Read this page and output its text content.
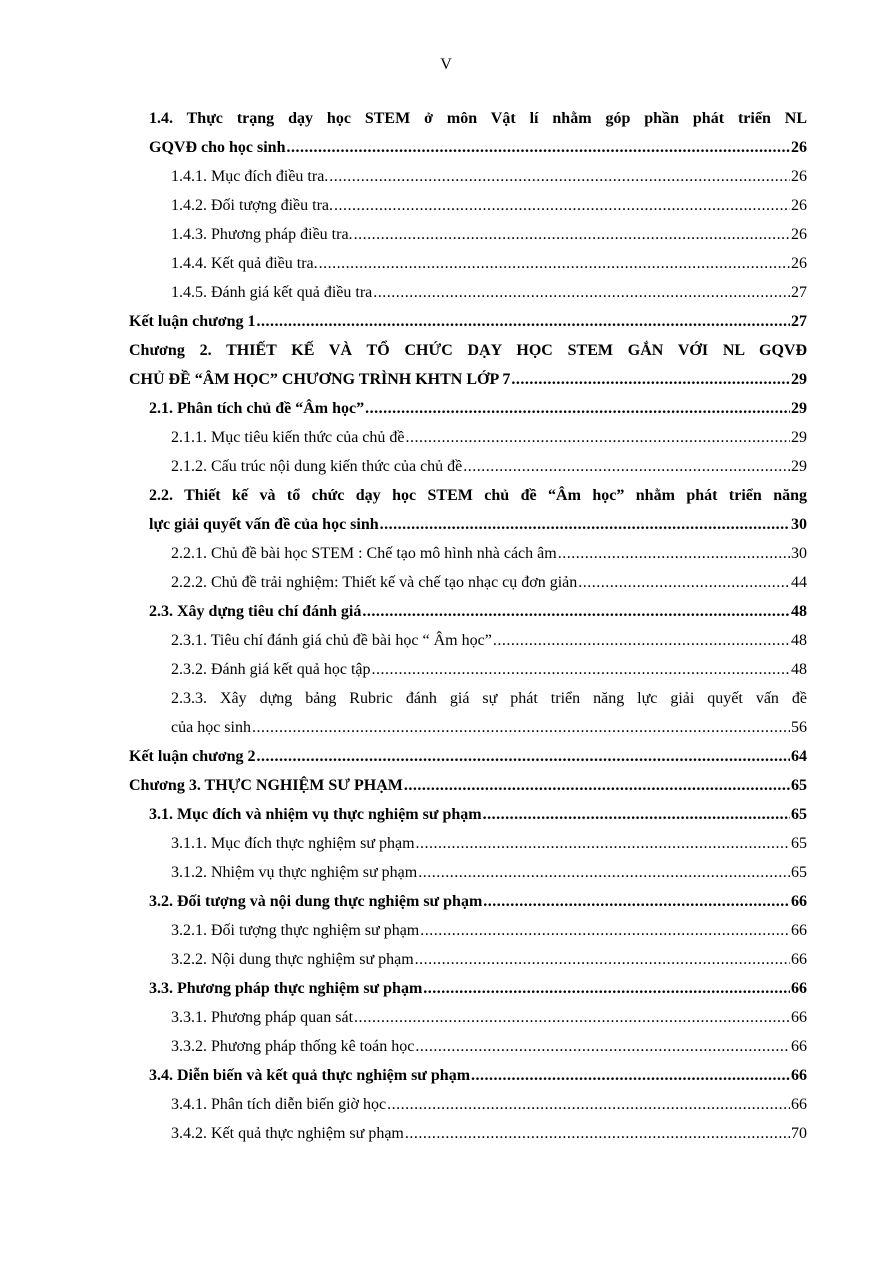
V
1.4. Thực trạng dạy học STEM ở môn Vật lí nhằm góp phần phát triển NL
GQVĐ cho học sinh .....	26
1.4.1. Mục đích điều tra. .....	26
1.4.2. Đối tượng điều tra. .....	26
1.4.3. Phương pháp điều tra. .....	26
1.4.4. Kết quả điều tra. .....	26
1.4.5. Đánh giá kết quả điều tra .....	27
Kết luận chương 1 .....	27
Chương 2. THIẾT KẾ VÀ TỔ CHỨC DẠY HỌC STEM GẮN VỚI NL GQVĐ
CHỦ ĐỀ “ÂM HỌC” CHƯƠNG TRÌNH KHTN LỚP 7 .....	29
2.1. Phân tích chủ đề “Âm học” .....	29
2.1.1. Mục tiêu kiến thức của chủ đề .....	29
2.1.2. Cấu trúc nội dung kiến thức của chủ đề .....	29
2.2. Thiết kế và tổ chức dạy học STEM chủ đề “Âm học” nhằm phát triển năng
lực giải quyết vấn đề của học sinh .....	30
2.2.1. Chủ đề bài học STEM : Chế tạo mô hình nhà cách âm .....	30
2.2.2. Chủ đề trải nghiệm: Thiết kế và chế tạo nhạc cụ đơn giản .....	44
2.3. Xây dựng tiêu chí đánh giá .....	48
2.3.1. Tiêu chí đánh giá chủ đề bài học “ Âm học” .....	48
2.3.2. Đánh giá kết quả học tập .....	48
2.3.3. Xây dựng bảng Rubric đánh giá sự phát triển năng lực giải quyết vấn đề
của học sinh .....	56
Kết luận chương 2 .....	64
Chương 3. THỰC NGHIỆM SƯ PHẠM .....	65
3.1. Mục đích và nhiệm vụ thực nghiệm sư phạm .....	65
3.1.1. Mục đích thực nghiệm sư phạm .....	65
3.1.2. Nhiệm vụ thực nghiệm sư phạm .....	65
3.2. Đối tượng và nội dung thực nghiệm sư phạm .....	66
3.2.1. Đối tượng thực nghiệm sư phạm .....	66
3.2.2. Nội dung thực nghiệm sư phạm .....	66
3.3. Phương pháp thực nghiệm sư phạm .....	66
3.3.1. Phương pháp quan sát .....	66
3.3.2. Phương pháp thống kê toán học .....	66
3.4. Diễn biến và kết quả thực nghiệm sư phạm .....	66
3.4.1. Phân tích diễn biến giờ học .....	66
3.4.2. Kết quả thực nghiệm sư phạm .....	70
